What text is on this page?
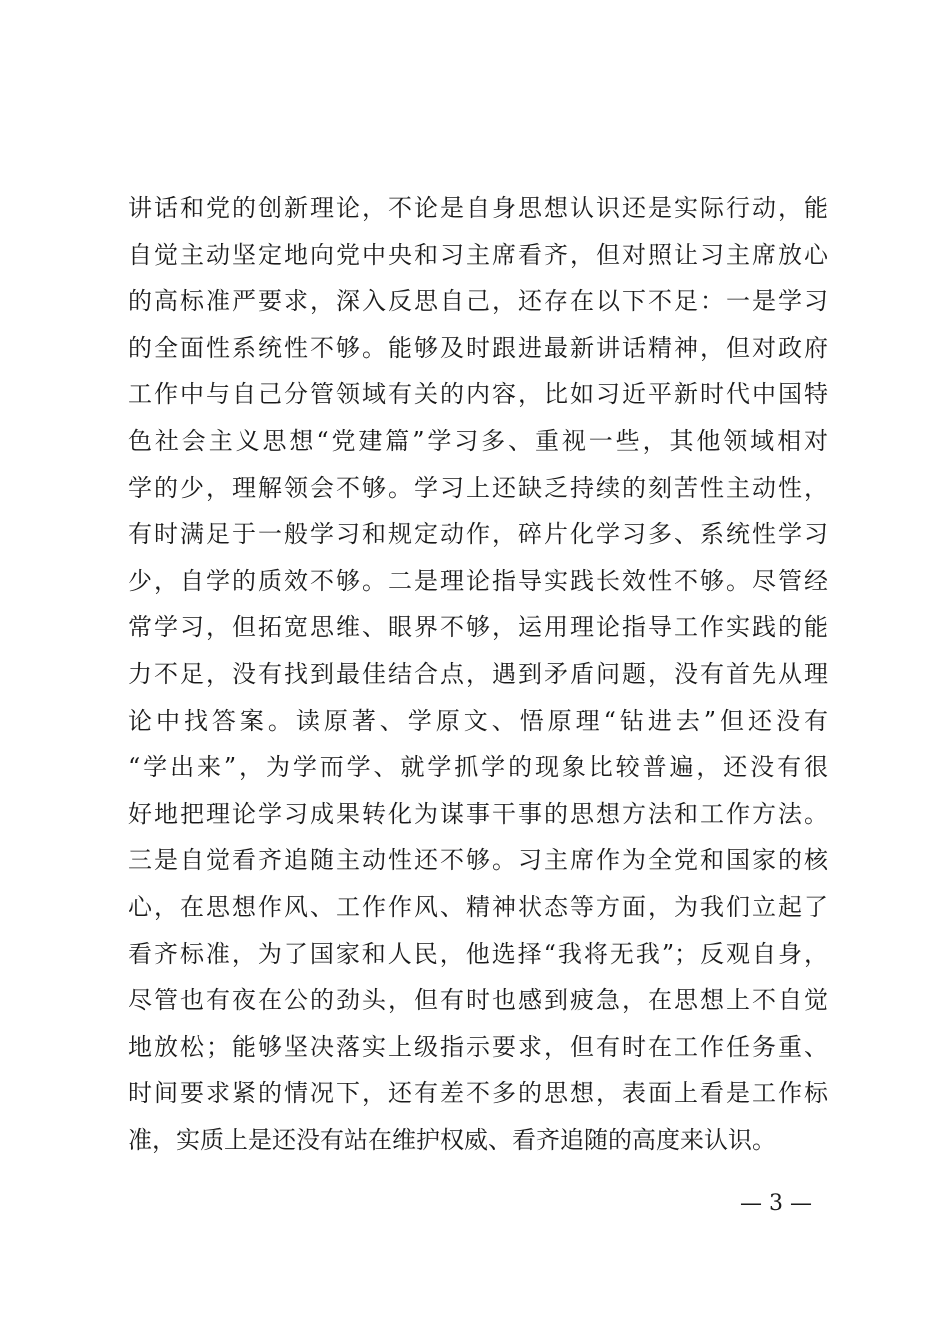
讲话和党的创新理论，不论是自身思想认识还是实际行动，能
自觉主动坚定地向党中央和习主席看齐，但对照让习主席放心
的高标准严要求，深入反思自己，还存在以下不足：一是学习
的全面性系统性不够。能够及时跟进最新讲话精神，但对政府
工作中与自己分管领域有关的内容，比如习近平新时代中国特
色社会主义思想“党建篇”学习多、重视一些，其他领域相对
学的少，理解领会不够。学习上还缺乏持续的刻苦性主动性，
有时满足于一般学习和规定动作，碎片化学习多、系统性学习
少，自学的质效不够。二是理论指导实践长效性不够。尽管经
常学习，但拓宽思维、眼界不够，运用理论指导工作实践的能
力不足，没有找到最佳结合点，遇到矛盾问题，没有首先从理
论中找答案。读原著、学原文、悟原理“钻进去”但还没有
“学出来”，为学而学、就学抓学的现象比较普遍，还没有很
好地把理论学习成果转化为谋事干事的思想方法和工作方法。
三是自觉看齐追随主动性还不够。习主席作为全党和国家的核
心，在思想作风、工作作风、精神状态等方面，为我们立起了
看齐标准，为了国家和人民，他选择“我将无我”；反观自身，
尽管也有夜在公的劲头，但有时也感到疲急，在思想上不自觉
地放松；能够坚决落实上级指示要求，但有时在工作任务重、
时间要求紧的情况下，还有差不多的思想，表面上看是工作标
准，实质上是还没有站在维护权威、看齐追随的高度来认识。
— 3 —
